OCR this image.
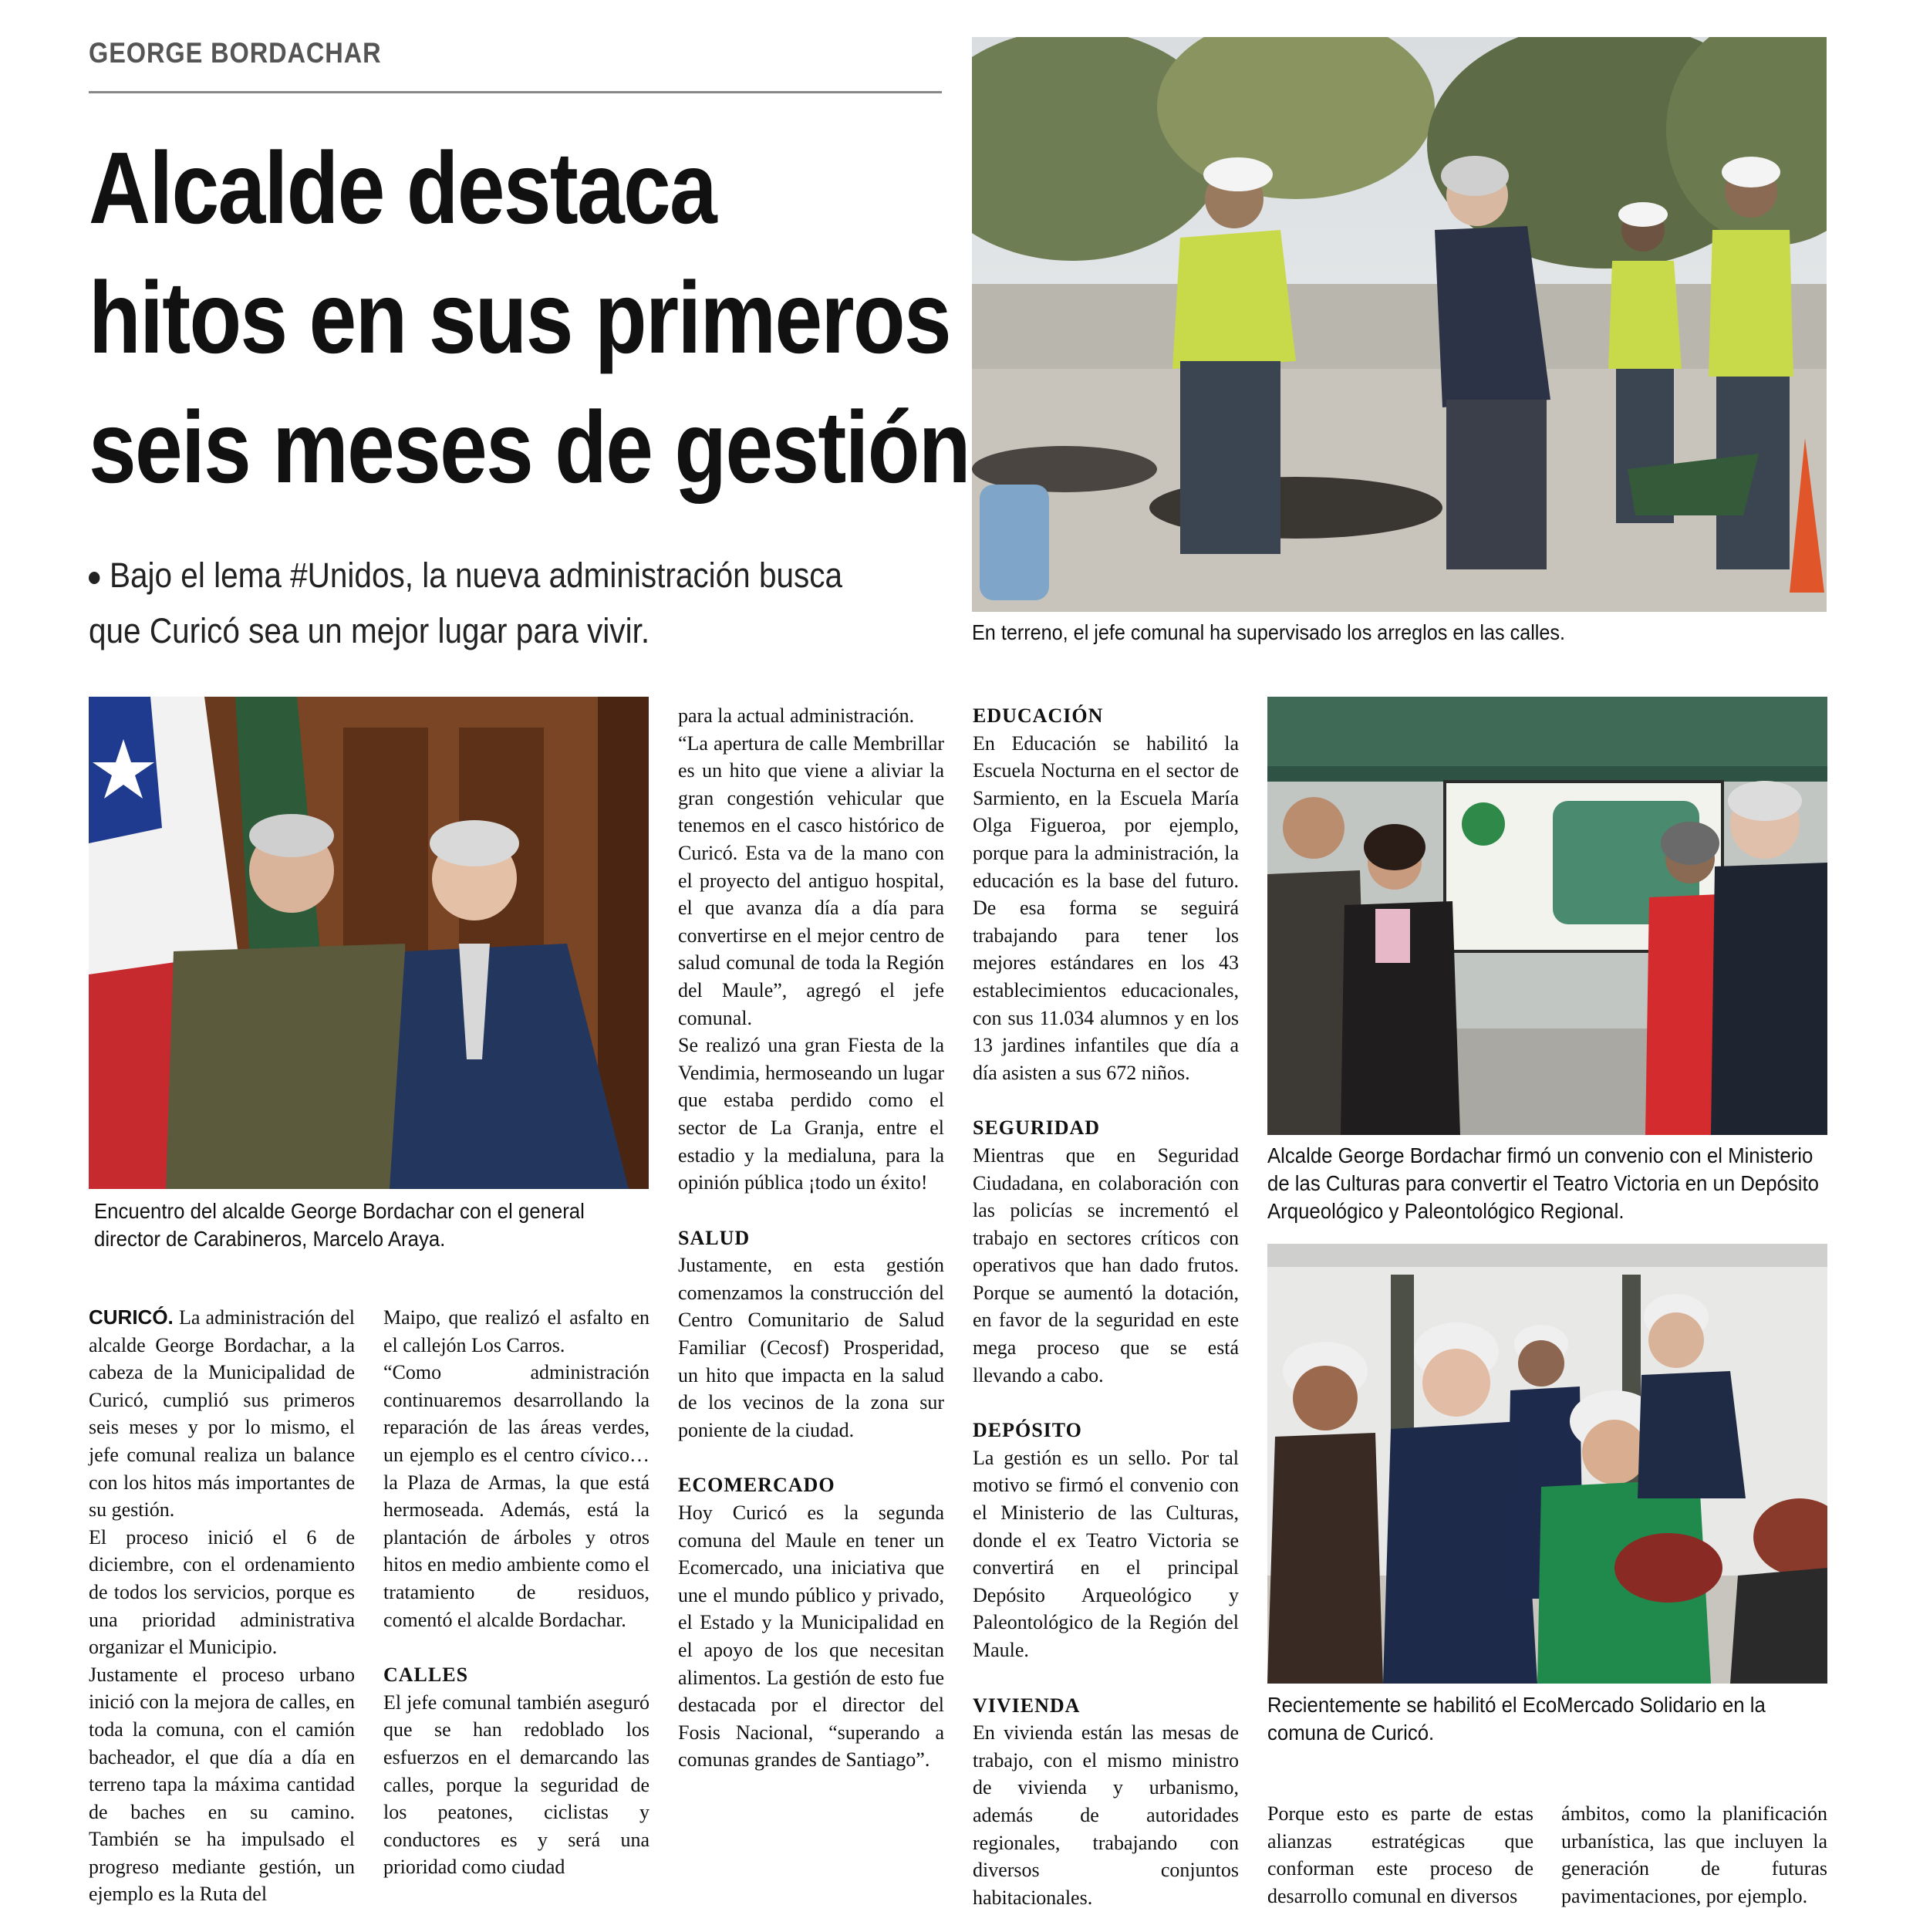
GEORGE BORDACHAR
Alcalde destaca
hitos en sus primeros
seis meses de gestión
Bajo el lema #Unidos, la nueva administración busca que Curicó sea un mejor lugar para vivir.	En terreno, el jefe comunal ha supervisado los arreglos en las calles.
Encuentro del alcalde George Bordachar con el general
director de Carabineros, Marcelo Araya.
Alcalde George Bordachar firmó un convenio con el Ministerio de las Culturas para convertir el Teatro Victoria en un Depósito Arqueológico y Paleontológico Regional.
Recientemente se habilitó el EcoMercado Solidario en la comuna de Curicó.

CURICÓ. La administración del alcalde George Bordachar, a la cabeza de la Municipalidad de Curicó, cumplió sus primeros seis meses y por lo mismo, el jefe comunal realiza un balance con los hitos más importantes de su gestión.

El proceso inició el 6 de diciembre, con el ordenamiento de todos los servicios, porque es una prioridad administrativa organizar el Municipio.

Justamente el proceso urbano inició con la mejora de calles, en toda la comuna, con el camión bacheador, el que día a día en terreno tapa la máxima cantidad de baches en su camino. También se ha impulsado el progreso mediante gestión, un ejemplo es la Ruta del

Maipo, que realizó el asfalto en el callejón Los Carros.

“Como administración continuaremos desarrollando la reparación de las áreas verdes, un ejemplo es el centro cívico… la Plaza de Armas, la que está hermoseada. Además, está la plantación de árboles y otros hitos en medio ambiente como el tratamiento de residuos, comentó el alcalde Bordachar.

CALLES

El jefe comunal también aseguró que se han redoblado los esfuerzos en el demarcando las calles, porque la seguridad de los peatones, ciclistas y conductores es y será una prioridad como ciudad

para la actual administración.

“La apertura de calle Membrillar es un hito que viene a aliviar la gran congestión vehicular que tenemos en el casco histórico de Curicó. Esta va de la mano con el proyecto del antiguo hospital, el que avanza día a día para convertirse en el mejor centro de salud comunal de toda la Región del Maule”, agregó el jefe comunal.

Se realizó una gran Fiesta de la Vendimia, hermoseando un lugar que estaba perdido como el sector de La Granja, entre el estadio y la medialuna, para la opinión pública ¡todo un éxito!

SALUD

Justamente, en esta gestión comenzamos la construcción del Centro Comunitario de Salud Familiar (Cecosf) Prosperidad, un hito que impacta en la salud de los vecinos de la zona sur poniente de la ciudad.

ECOMERCADO

Hoy Curicó es la segunda comuna del Maule en tener un Ecomercado, una iniciativa que une el mundo público y privado, el Estado y la Municipalidad en el apoyo de los que necesitan alimentos. La gestión de esto fue destacada por el director del Fosis Nacional, “superando a comunas grandes de Santiago”.

EDUCACIÓN

En Educación se habilitó la Escuela Nocturna en el sector de Sarmiento, en la Escuela María Olga Figueroa, por ejemplo, porque para la administración, la educación es la base del futuro. De esa forma se seguirá trabajando para tener los mejores estándares en los 43 establecimientos educacionales, con sus 11.034 alumnos y en los 13 jardines infantiles que día a día asisten a sus 672 niños.

SEGURIDAD

Mientras que en Seguridad Ciudadana, en colaboración con las policías se incrementó el trabajo en sectores críticos con operativos que han dado frutos. Porque se aumentó la dotación, en favor de la seguridad en este mega proceso que se está llevando a cabo.

DEPÓSITO

La gestión es un sello. Por tal motivo se firmó el convenio con el Ministerio de las Culturas, donde el ex Teatro Victoria se convertirá en el principal Depósito Arqueológico y Paleontológico de la Región del Maule.

VIVIENDA

En vivienda están las mesas de trabajo, con el mismo ministro de vivienda y urbanismo, además de autoridades regionales, trabajando con diversos conjuntos habitacionales.

Porque esto es parte de estas alianzas estratégicas que conforman este proceso de desarrollo comunal en diversos

ámbitos, como la planificación urbanística, las que incluyen la generación de futuras pavimentaciones, por ejemplo.
